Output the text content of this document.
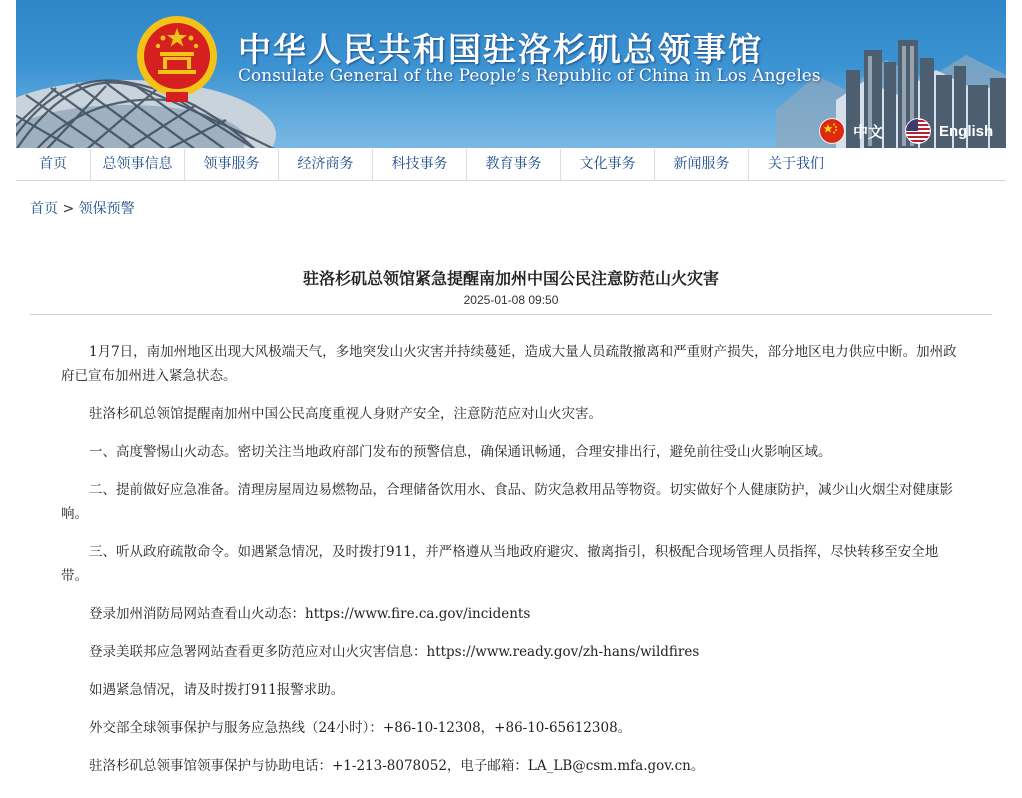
中华人民共和国驻洛杉矶总领事馆
Consulate General of the People’s Republic of China in Los Angeles
中文	English
首页	总领事信息	领事服务	经济商务	科技事务	教育事务	文化事务	新闻服务	关于我们
首页 > 领保预警
驻洛杉矶总领馆紧急提醒南加州中国公民注意防范山火灾害
2025-01-08 09:50

1月7日，南加州地区出现大风极端天气，多地突发山火灾害并持续蔓延，造成大量人员疏散撤离和严重财产损失，部分地区电力供应中断。加州政府已宣布加州进入紧急状态。

驻洛杉矶总领馆提醒南加州中国公民高度重视人身财产安全，注意防范应对山火灾害。

一、高度警惕山火动态。密切关注当地政府部门发布的预警信息，确保通讯畅通，合理安排出行，避免前往受山火影响区域。

二、提前做好应急准备。清理房屋周边易燃物品，合理储备饮用水、食品、防灾急救用品等物资。切实做好个人健康防护，减少山火烟尘对健康影响。

三、听从政府疏散命令。如遇紧急情况，及时拨打911，并严格遵从当地政府避灾、撤离指引，积极配合现场管理人员指挥，尽快转移至安全地带。

登录加州消防局网站查看山火动态：https://www.fire.ca.gov/incidents

登录美联邦应急署网站查看更多防范应对山火灾害信息：https://www.ready.gov/zh-hans/wildfires

如遇紧急情况，请及时拨打911报警求助。

外交部全球领事保护与服务应急热线（24小时）：+86-10-12308，+86-10-65612308。

驻洛杉矶总领事馆领事保护与协助电话：+1-213-8078052，电子邮箱：LA_LB@csm.mfa.gov.cn。
